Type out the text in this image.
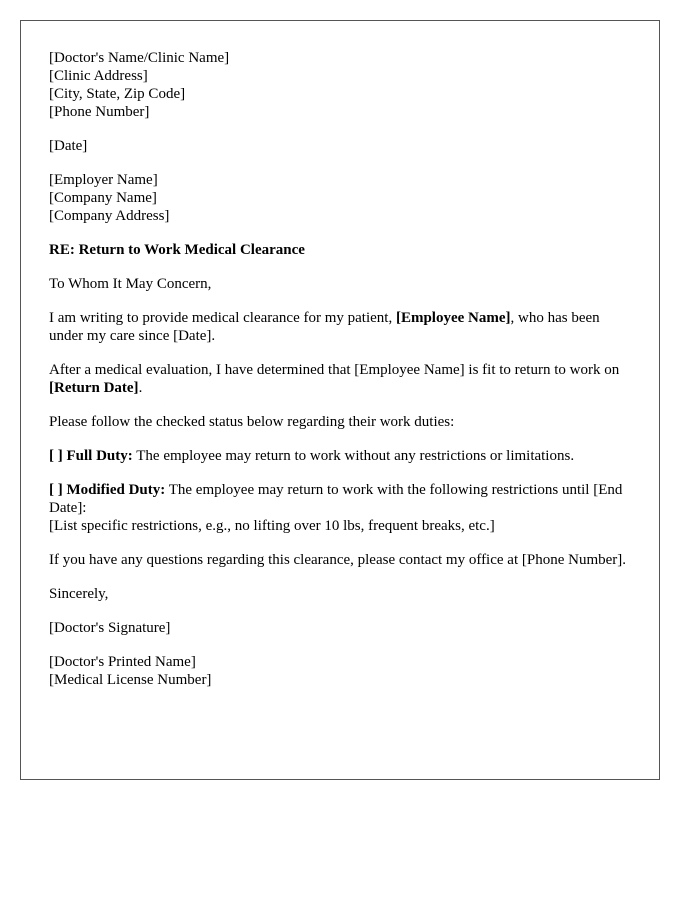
[Doctor's Name/Clinic Name]
[Clinic Address]
[City, State, Zip Code]
[Phone Number]
[Date]
[Employer Name]
[Company Name]
[Company Address]

RE: Return to Work Medical Clearance

To Whom It May Concern,

I am writing to provide medical clearance for my patient, [Employee Name], who has been under my care since [Date].

After a medical evaluation, I have determined that [Employee Name] is fit to return to work on [Return Date].

Please follow the checked status below regarding their work duties:

[ ] Full Duty: The employee may return to work without any restrictions or limitations.

[ ] Modified Duty: The employee may return to work with the following restrictions until [End Date]:
[List specific restrictions, e.g., no lifting over 10 lbs, frequent breaks, etc.]

If you have any questions regarding this clearance, please contact my office at [Phone Number].

Sincerely,

[Doctor's Signature]

[Doctor's Printed Name]
[Medical License Number]
